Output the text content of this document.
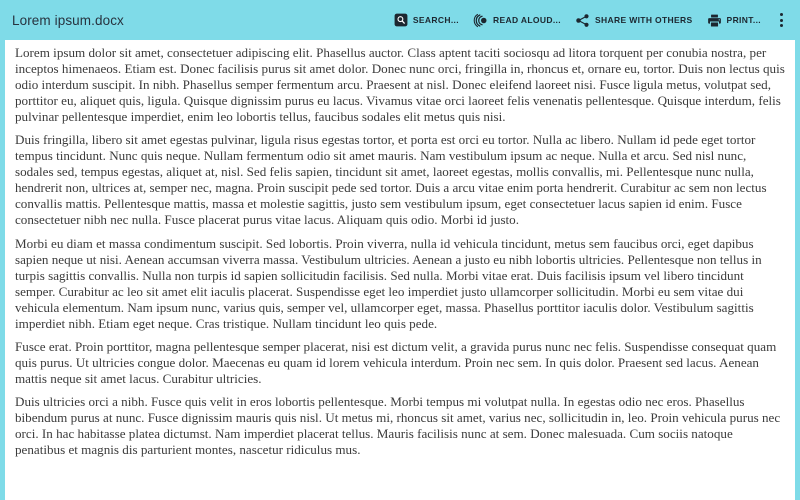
Lorem ipsum.docx	SEARCH...	READ ALOUD...	SHARE WITH OTHERS	PRINT...

Lorem ipsum dolor sit amet, consectetuer adipiscing elit. Phasellus auctor. Class aptent taciti sociosqu ad litora torquent per conubia nostra, per inceptos himenaeos. Etiam est. Donec facilisis purus sit amet dolor. Donec nunc orci, fringilla in, rhoncus et, ornare eu, tortor. Duis non lectus quis odio interdum suscipit. In nibh. Phasellus semper fermentum arcu. Praesent at nisl. Donec eleifend laoreet nisi. Fusce ligula metus, volutpat sed, porttitor eu, aliquet quis, ligula. Quisque dignissim purus eu lacus. Vivamus vitae orci laoreet felis venenatis pellentesque. Quisque interdum, felis pulvinar pellentesque imperdiet, enim leo lobortis tellus, faucibus sodales elit metus quis nisi.

Duis fringilla, libero sit amet egestas pulvinar, ligula risus egestas tortor, et porta est orci eu tortor. Nulla ac libero. Nullam id pede eget tortor tempus tincidunt. Nunc quis neque. Nullam fermentum odio sit amet mauris. Nam vestibulum ipsum ac neque. Nulla et arcu. Sed nisl nunc, sodales sed, tempus egestas, aliquet at, nisl. Sed felis sapien, tincidunt sit amet, laoreet egestas, mollis convallis, mi. Pellentesque nunc nulla, hendrerit non, ultrices at, semper nec, magna. Proin suscipit pede sed tortor. Duis a arcu vitae enim porta hendrerit. Curabitur ac sem non lectus convallis mattis. Pellentesque mattis, massa et molestie sagittis, justo sem vestibulum ipsum, eget consectetuer lacus sapien id enim. Fusce consectetuer nibh nec nulla. Fusce placerat purus vitae lacus. Aliquam quis odio. Morbi id justo.

Morbi eu diam et massa condimentum suscipit. Sed lobortis. Proin viverra, nulla id vehicula tincidunt, metus sem faucibus orci, eget dapibus sapien neque ut nisi. Aenean accumsan viverra massa. Vestibulum ultricies. Aenean a justo eu nibh lobortis ultricies. Pellentesque non tellus in turpis sagittis convallis. Nulla non turpis id sapien sollicitudin facilisis. Sed nulla. Morbi vitae erat. Duis facilisis ipsum vel libero tincidunt semper. Curabitur ac leo sit amet elit iaculis placerat. Suspendisse eget leo imperdiet justo ullamcorper sollicitudin. Morbi eu sem vitae dui vehicula elementum. Nam ipsum nunc, varius quis, semper vel, ullamcorper eget, massa. Phasellus porttitor iaculis dolor. Vestibulum sagittis imperdiet nibh. Etiam eget neque. Cras tristique. Nullam tincidunt leo quis pede.

Fusce erat. Proin porttitor, magna pellentesque semper placerat, nisi est dictum velit, a gravida purus nunc nec felis. Suspendisse consequat quam quis purus. Ut ultricies congue dolor. Maecenas eu quam id lorem vehicula interdum. Proin nec sem. In quis dolor. Praesent sed lacus. Aenean mattis neque sit amet lacus. Curabitur ultricies.

Duis ultricies orci a nibh. Fusce quis velit in eros lobortis pellentesque. Morbi tempus mi volutpat nulla. In egestas odio nec eros. Phasellus bibendum purus at nunc. Fusce dignissim mauris quis nisl. Ut metus mi, rhoncus sit amet, varius nec, sollicitudin in, leo. Proin vehicula purus nec orci. In hac habitasse platea dictumst. Nam imperdiet placerat tellus. Mauris facilisis nunc at sem. Donec malesuada. Cum sociis natoque penatibus et magnis dis parturient montes, nascetur ridiculus mus.
